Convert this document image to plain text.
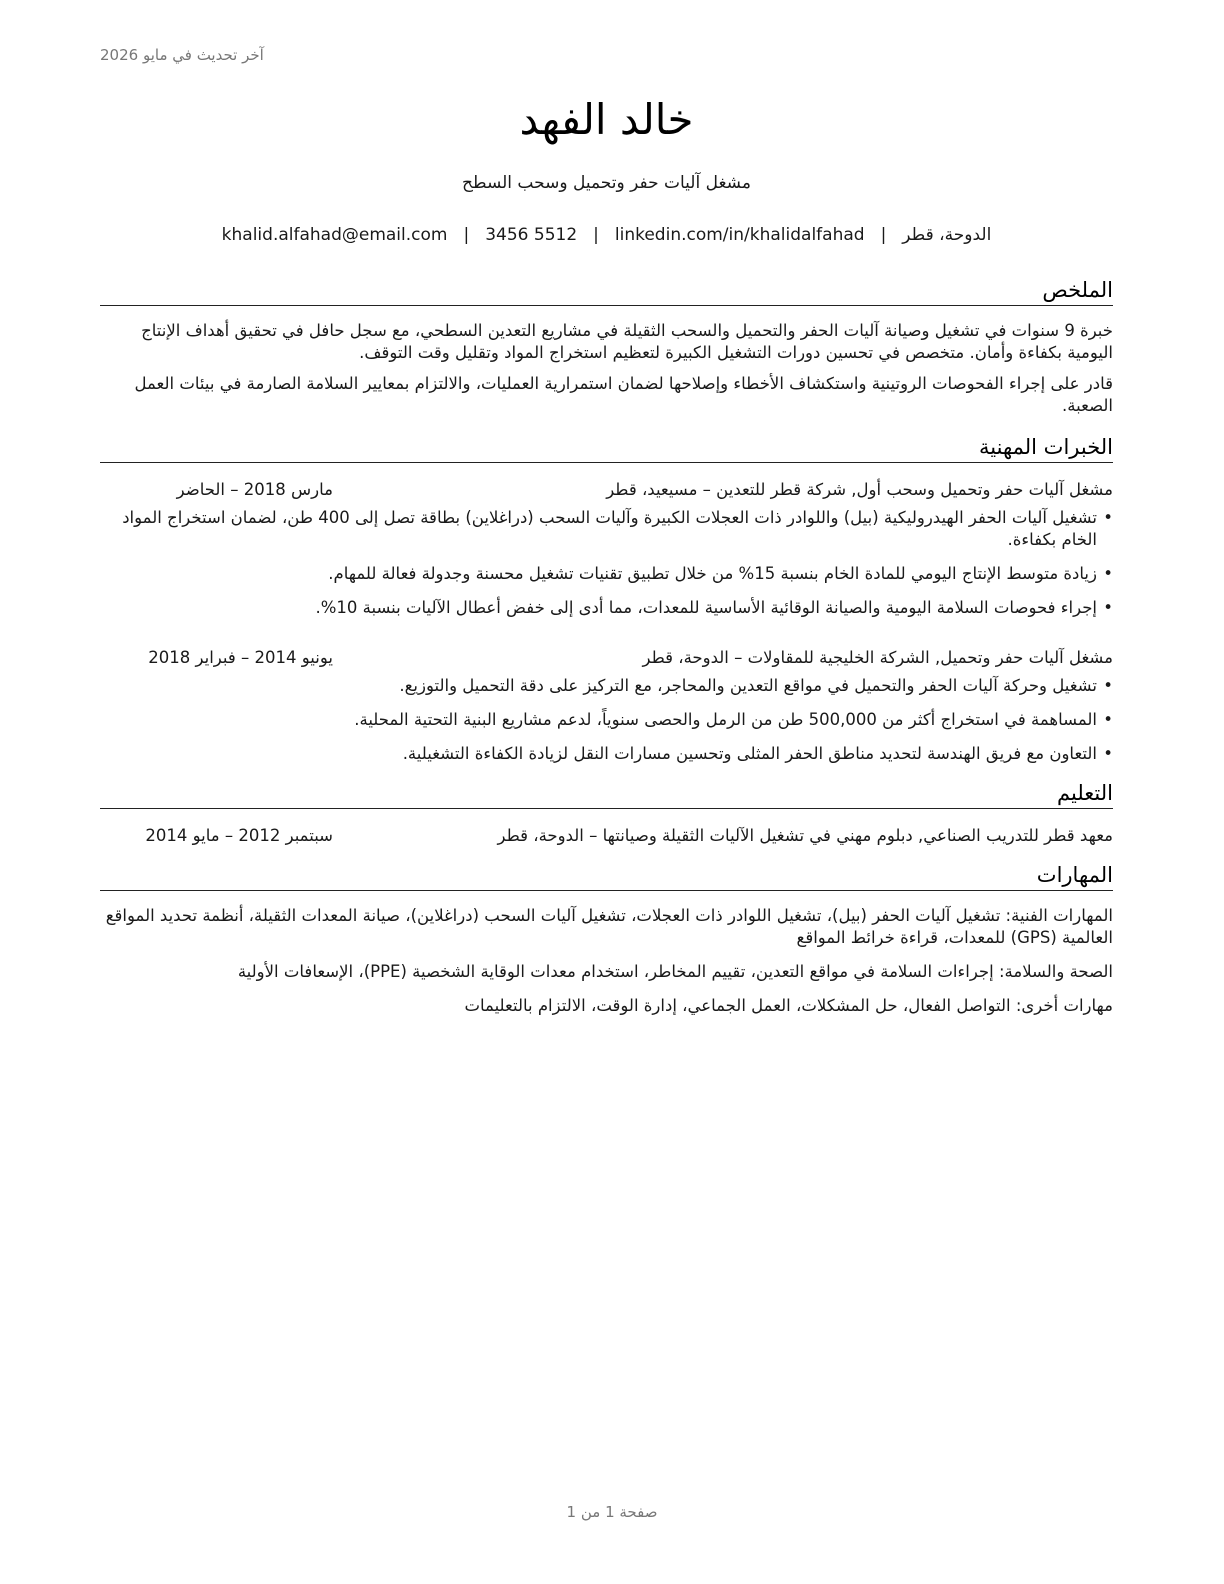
آخر تحديث في مايو 2026
خالد الفهد
مشغل آليات حفر وتحميل وسحب السطح
الدوحة، قطر|khalid.alfahad@email.com | 3456 5512 | linkedin.com/in/khalidalfahad
الملخص

خبرة 9 سنوات في تشغيل وصيانة آليات الحفر والتحميل والسحب الثقيلة في مشاريع التعدين السطحي، مع سجل حافل في تحقيق أهداف الإنتاج اليومية بكفاءة وأمان. متخصص في تحسين دورات التشغيل الكبيرة لتعظيم استخراج المواد وتقليل وقت التوقف.

قادر على إجراء الفحوصات الروتينية واستكشاف الأخطاء وإصلاحها لضمان استمرارية العمليات، والالتزام بمعايير السلامة الصارمة في بيئات العمل الصعبة.

الخبرات المهنية
مشغل آليات حفر وتحميل وسحب أول, شركة قطر للتعدين – مسيعيد، قطر
مارس 2018 – الحاضر
•
تشغيل آليات الحفر الهيدروليكية (بيل) واللوادر ذات العجلات الكبيرة وآليات السحب (دراغلاين) بطاقة تصل إلى 400 طن، لضمان استخراج المواد الخام بكفاءة.
•
زيادة متوسط الإنتاج اليومي للمادة الخام بنسبة 15% من خلال تطبيق تقنيات تشغيل محسنة وجدولة فعالة للمهام.
•
إجراء فحوصات السلامة اليومية والصيانة الوقائية الأساسية للمعدات، مما أدى إلى خفض أعطال الآليات بنسبة 10%.
مشغل آليات حفر وتحميل, الشركة الخليجية للمقاولات – الدوحة، قطر
يونيو 2014 – فبراير 2018
•
تشغيل وحركة آليات الحفر والتحميل في مواقع التعدين والمحاجر، مع التركيز على دقة التحميل والتوزيع.
•
المساهمة في استخراج أكثر من 500,000 طن من الرمل والحصى سنوياً، لدعم مشاريع البنية التحتية المحلية.
•
التعاون مع فريق الهندسة لتحديد مناطق الحفر المثلى وتحسين مسارات النقل لزيادة الكفاءة التشغيلية.
التعليم
معهد قطر للتدريب الصناعي, دبلوم مهني في تشغيل الآليات الثقيلة وصيانتها – الدوحة، قطر
سبتمبر 2012 – مايو 2014
المهارات

المهارات الفنية: تشغيل آليات الحفر (بيل)، تشغيل اللوادر ذات العجلات، تشغيل آليات السحب (دراغلاين)، صيانة المعدات الثقيلة، أنظمة تحديد المواقع العالمية (GPS) للمعدات، قراءة خرائط المواقع

الصحة والسلامة: إجراءات السلامة في مواقع التعدين، تقييم المخاطر، استخدام معدات الوقاية الشخصية (PPE)، الإسعافات الأولية

مهارات أخرى: التواصل الفعال، حل المشكلات، العمل الجماعي، إدارة الوقت، الالتزام بالتعليمات

صفحة 1 من 1
